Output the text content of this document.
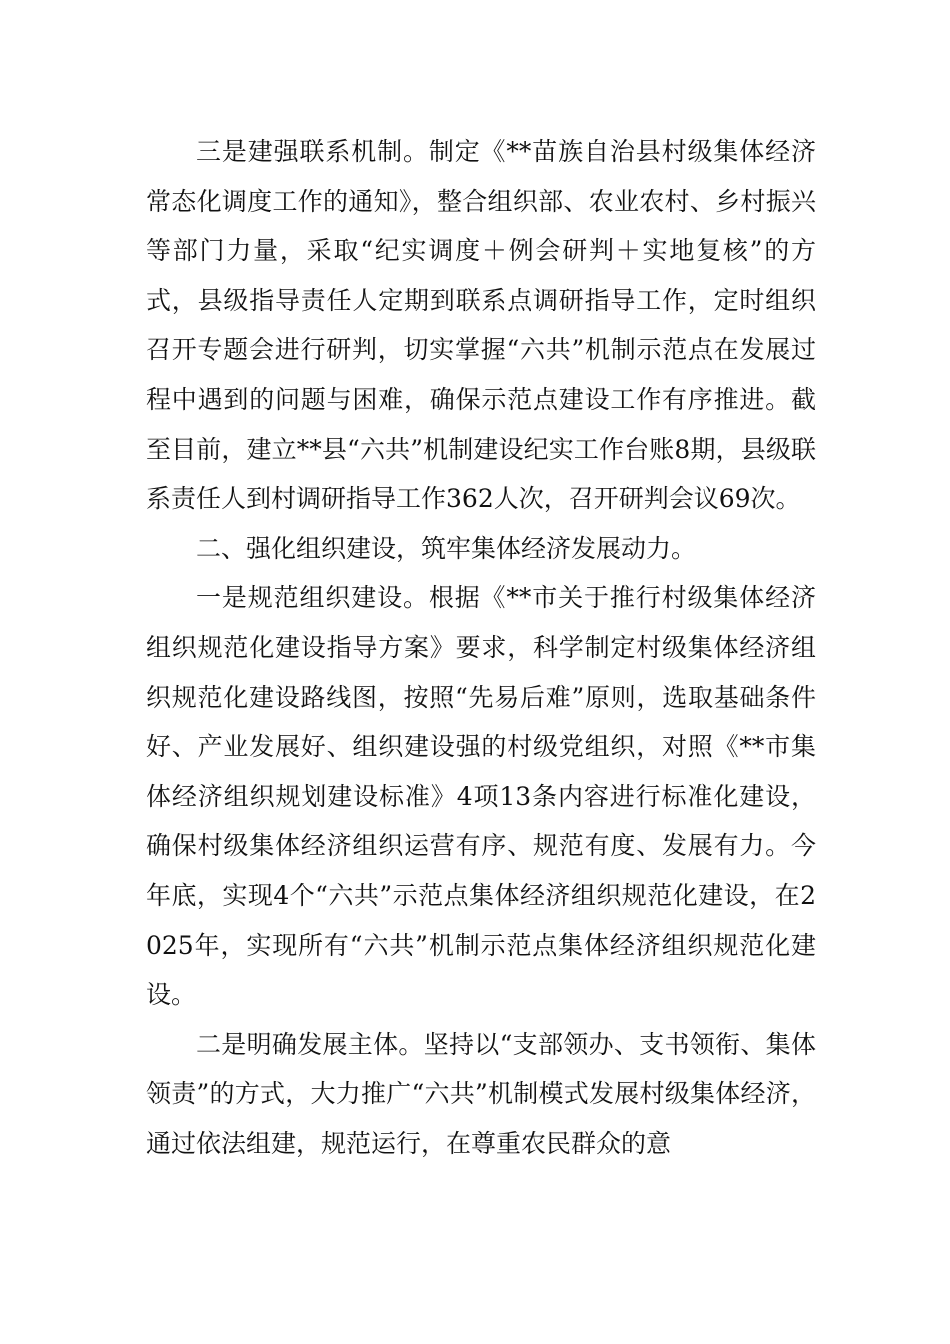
三是建强联系机制。制定《**苗族自治县村级集体经济常态化调度工作的通知》，整合组织部、农业农村、乡村振兴等部门力量，采取“纪实调度＋例会研判＋实地复核”的方式，县级指导责任人定期到联系点调研指导工作，定时组织召开专题会进行研判，切实掌握“六共”机制示范点在发展过程中遇到的问题与困难，确保示范点建设工作有序推进。截至目前，建立**县“六共”机制建设纪实工作台账8期，县级联系责任人到村调研指导工作362人次，召开研判会议69次。

二、强化组织建设，筑牢集体经济发展动力。

一是规范组织建设。根据《**市关于推行村级集体经济组织规范化建设指导方案》要求，科学制定村级集体经济组织规范化建设路线图，按照“先易后难”原则，选取基础条件好、产业发展好、组织建设强的村级党组织，对照《**市集体经济组织规划建设标准》4项13条内容进行标准化建设，确保村级集体经济组织运营有序、规范有度、发展有力。今年底，实现4个“六共”示范点集体经济组织规范化建设，在2025年，实现所有“六共”机制示范点集体经济组织规范化建设。

二是明确发展主体。坚持以“支部领办、支书领衔、集体领责”的方式，大力推广“六共”机制模式发展村级集体经济，通过依法组建，规范运行，在尊重农民群众的意
